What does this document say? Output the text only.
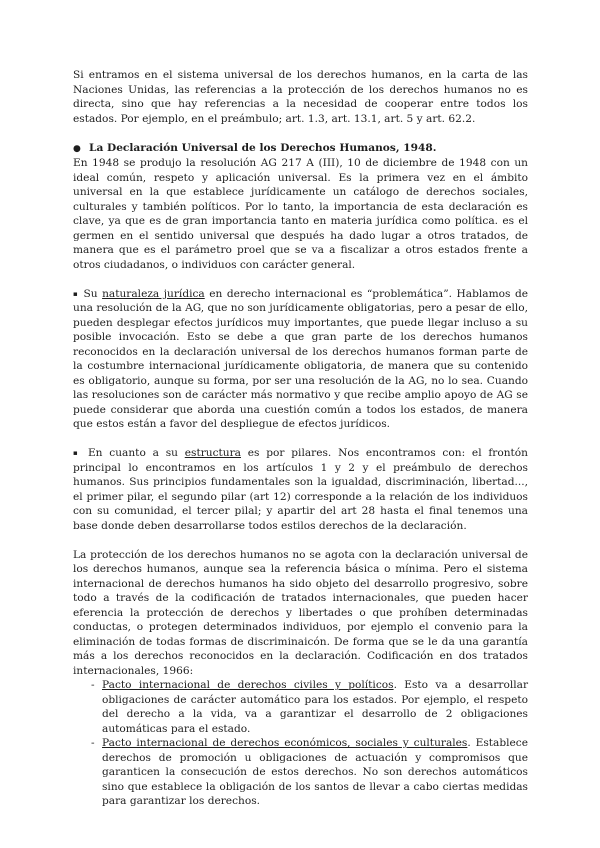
Si entramos en el sistema universal de los derechos humanos, en la carta de las Naciones Unidas, las referencias a la protección de los derechos humanos no es directa, sino que hay referencias a la necesidad de cooperar entre todos los estados. Por ejemplo, en el preámbulo; art. 1.3, art. 13.1, art. 5 y art. 62.2.

● La Declaración Universal de los Derechos Humanos, 1948.

En 1948 se produjo la resolución AG 217 A (III), 10 de diciembre de 1948 con un ideal común, respeto y aplicación universal. Es la primera vez en el ámbito universal en la que establece jurídicamente un catálogo de derechos sociales, culturales y también políticos. Por lo tanto, la importancia de esta declaración es clave, ya que es de gran importancia tanto en materia jurídica como política. es el germen en el sentido universal que después ha dado lugar a otros tratados, de manera que es el parámetro proel que se va a fiscalizar a otros estados frente a otros ciudadanos, o individuos con carácter general.

▪ Su naturaleza jurídica en derecho internacional es “problemática”. Hablamos de una resolución de la AG, que no son jurídicamente obligatorias, pero a pesar de ello, pueden desplegar efectos jurídicos muy importantes, que puede llegar incluso a su posible invocación. Esto se debe a que gran parte de los derechos humanos reconocidos en la declaración universal de los derechos humanos forman parte de la costumbre internacional jurídicamente obligatoria, de manera que su contenido es obligatorio, aunque su forma, por ser una resolución de la AG, no lo sea. Cuando las resoluciones son de carácter más normativo y que recibe amplio apoyo de AG se puede considerar que aborda una cuestión común a todos los estados, de manera que estos están a favor del despliegue de efectos jurídicos.

▪ En cuanto a su estructura es por pilares. Nos encontramos con: el frontón principal lo encontramos en los artículos 1 y 2 y el preámbulo de derechos humanos. Sus principios fundamentales son la igualdad, discriminación, libertad..., el primer pilar, el segundo pilar (art 12) corresponde a la relación de los individuos con su comunidad, el tercer pilal; y apartir del art 28 hasta el final tenemos una base donde deben desarrollarse todos estilos derechos de la declaración.

La protección de los derechos humanos no se agota con la declaración universal de los derechos humanos, aunque sea la referencia básica o mínima. Pero el sistema internacional de derechos humanos ha sido objeto del desarrollo progresivo, sobre todo a través de la codificación de tratados internacionales, que pueden hacer eferencia la protección de derechos y libertades o que prohíben determinadas conductas, o protegen determinados individuos, por ejemplo el convenio para la eliminación de todas formas de discriminaicón. De forma que se le da una garantía más a los derechos reconocidos en la declaración. Codificación en dos tratados internacionales, 1966:

- Pacto internacional de derechos civiles y políticos. Esto va a desarrollar obligaciones de carácter automático para los estados. Por ejemplo, el respeto del derecho a la vida, va a garantizar el desarrollo de 2 obligaciones automáticas para el estado.
- Pacto internacional de derechos económicos, sociales y culturales. Establece derechos de promoción u obligaciones de actuación y compromisos que garanticen la consecución de estos derechos. No son derechos automáticos sino que establece la obligación de los santos de llevar a cabo ciertas medidas para garantizar los derechos.
